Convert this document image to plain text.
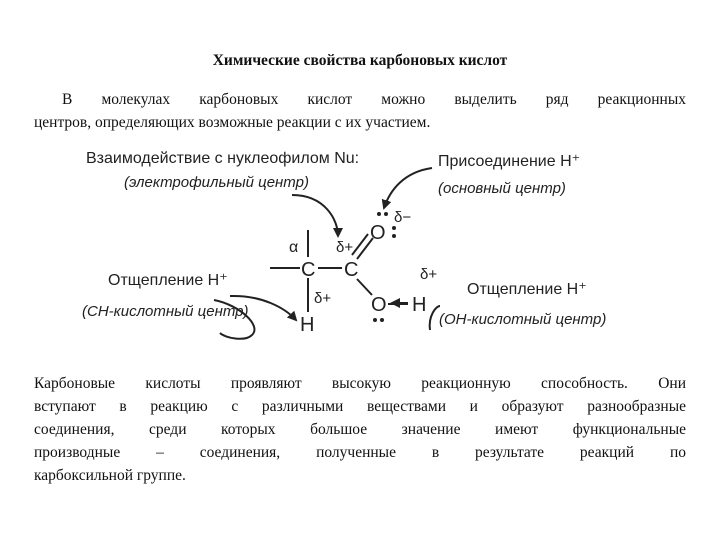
Химические свойства карбоновых кислот
В молекулах карбоновых кислот можно выделить ряд реакционных
центров, определяющих возможные реакции с их участием.
Взаимодействие с нуклеофилом Nu:
(электрофильный центр)
Присоединение H⁺
(основный центр)
Отщепление H⁺
(CH-кислотный центр)
Отщепление H⁺
(OH-кислотный центр)
C C
O
O
H
H
α	δ+
δ−
δ+
δ+
Карбоновые кислоты проявляют высокую реакционную способность. Они
вступают в реакцию с различными веществами и образуют разнообразные
соединения, среди которых большое значение имеют функциональные
производные – соединения, полученные в результате реакций по
карбоксильной группе.
